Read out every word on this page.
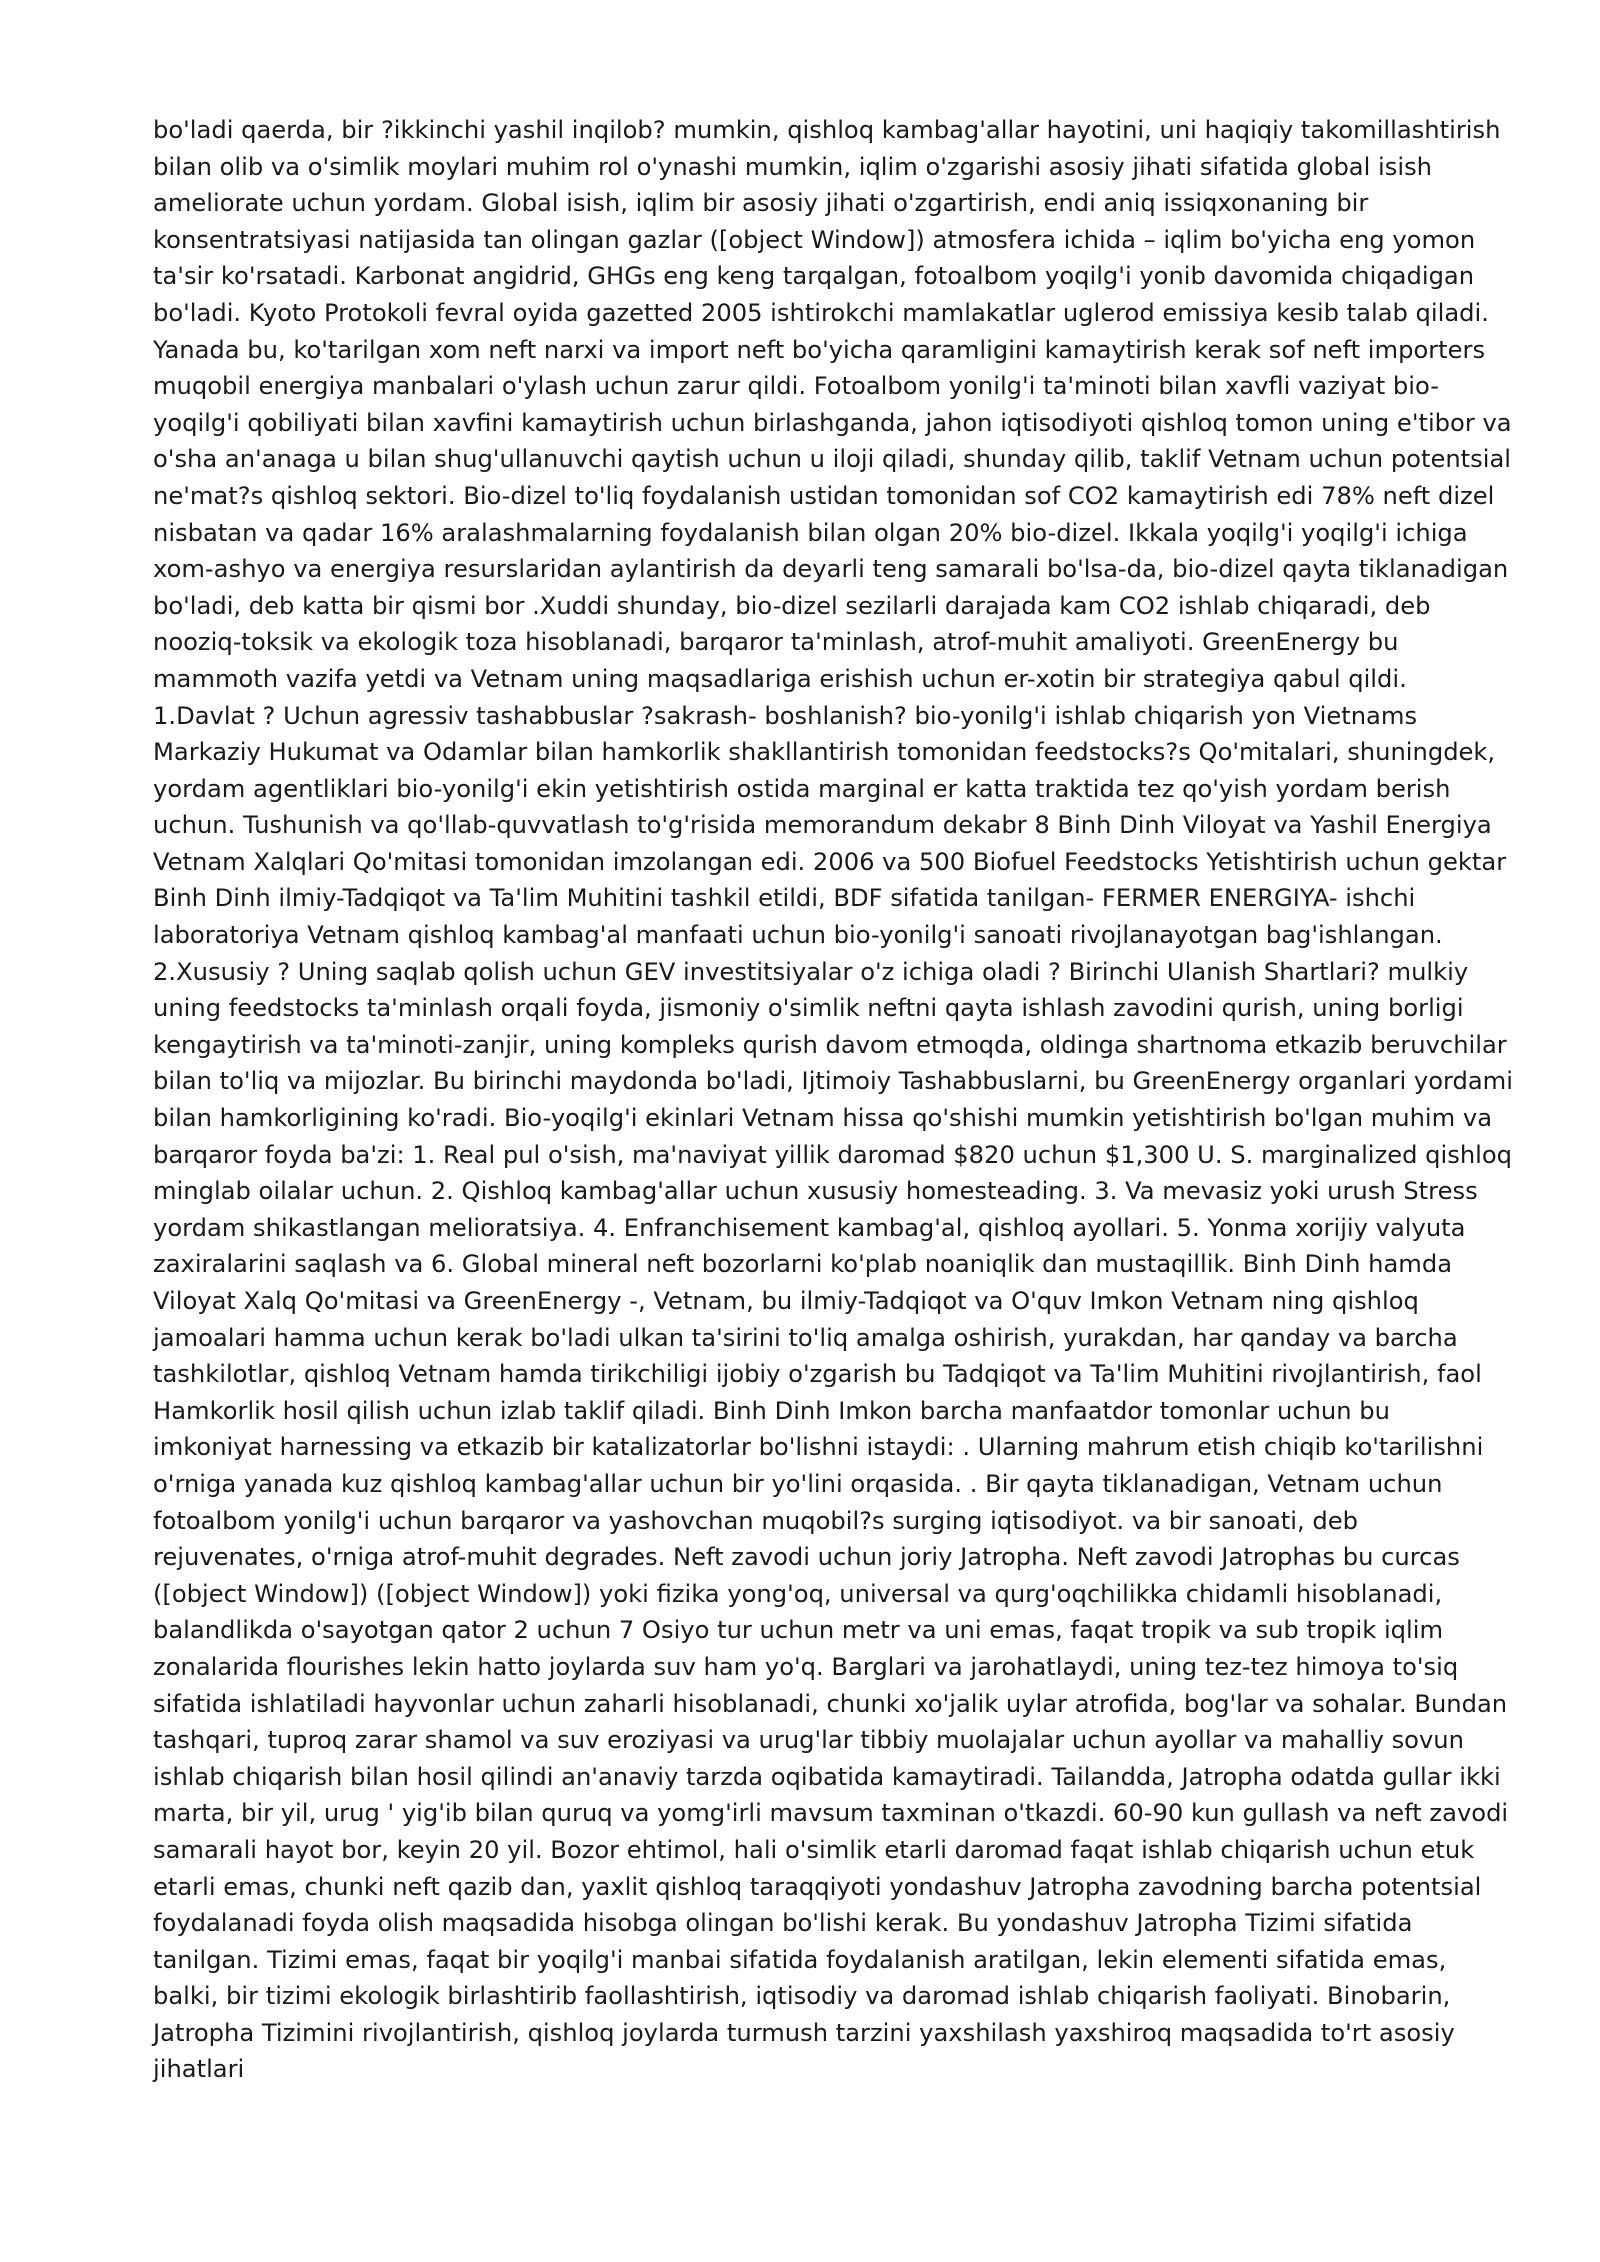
bo'ladi qaerda, bir ?ikkinchi yashil inqilob? mumkin, qishloq kambag'allar hayotini, uni haqiqiy takomillashtirish bilan olib va o'simlik moylari muhim rol o'ynashi mumkin, iqlim o'zgarishi asosiy jihati sifatida global isish ameliorate uchun yordam. Global isish, iqlim bir asosiy jihati o'zgartirish, endi aniq issiqxonaning bir konsentratsiyasi natijasida tan olingan gazlar ([object Window]) atmosfera ichida – iqlim bo'yicha eng yomon ta'sir ko'rsatadi. Karbonat angidrid, GHGs eng keng tarqalgan, fotoalbom yoqilg'i yonib davomida chiqadigan bo'ladi. Kyoto Protokoli fevral oyida gazetted 2005 ishtirokchi mamlakatlar uglerod emissiya kesib talab qiladi. Yanada bu, ko'tarilgan xom neft narxi va import neft bo'yicha qaramligini kamaytirish kerak sof neft importers muqobil energiya manbalari o'ylash uchun zarur qildi. Fotoalbom yonilg'i ta'minoti bilan xavfli vaziyat bio-yoqilg'i qobiliyati bilan xavfini kamaytirish uchun birlashganda, jahon iqtisodiyoti qishloq tomon uning e'tibor va o'sha an'anaga u bilan shug'ullanuvchi qaytish uchun u iloji qiladi, shunday qilib, taklif Vetnam uchun potentsial ne'mat?s qishloq sektori. Bio-dizel to'liq foydalanish ustidan tomonidan sof CO2 kamaytirish edi 78% neft dizel nisbatan va qadar 16% aralashmalarning foydalanish bilan olgan 20% bio-dizel. Ikkala yoqilg'i yoqilg'i ichiga xom-ashyo va energiya resurslaridan aylantirish da deyarli teng samarali bo'lsa-da, bio-dizel qayta tiklanadigan bo'ladi, deb katta bir qismi bor .Xuddi shunday, bio-dizel sezilarli darajada kam CO2 ishlab chiqaradi, deb nooziq-toksik va ekologik toza hisoblanadi, barqaror ta'minlash, atrof-muhit amaliyoti. GreenEnergy bu mammoth vazifa yetdi va Vetnam uning maqsadlariga erishish uchun er-xotin bir strategiya qabul qildi. 1.Davlat ? Uchun agressiv tashabbuslar ?sakrash- boshlanish? bio-yonilg'i ishlab chiqarish yon Vietnams Markaziy Hukumat va Odamlar bilan hamkorlik shakllantirish tomonidan feedstocks?s Qo'mitalari, shuningdek, yordam agentliklari bio-yonilg'i ekin yetishtirish ostida marginal er katta traktida tez qo'yish yordam berish uchun. Tushunish va qo'llab-quvvatlash to'g'risida memorandum dekabr 8 Binh Dinh Viloyat va Yashil Energiya Vetnam Xalqlari Qo'mitasi tomonidan imzolangan edi. 2006 va 500 Biofuel Feedstocks Yetishtirish uchun gektar Binh Dinh ilmiy-Tadqiqot va Ta'lim Muhitini tashkil etildi, BDF sifatida tanilgan- FERMER ENERGIYA- ishchi laboratoriya Vetnam qishloq kambag'al manfaati uchun bio-yonilg'i sanoati rivojlanayotgan bag'ishlangan. 2.Xususiy ? Uning saqlab qolish uchun GEV investitsiyalar o'z ichiga oladi ? Birinchi Ulanish Shartlari? mulkiy uning feedstocks ta'minlash orqali foyda, jismoniy o'simlik neftni qayta ishlash zavodini qurish, uning borligi kengaytirish va ta'minoti-zanjir, uning kompleks qurish davom etmoqda, oldinga shartnoma etkazib beruvchilar bilan to'liq va mijozlar. Bu birinchi maydonda bo'ladi, Ijtimoiy Tashabbuslarni, bu GreenEnergy organlari yordami bilan hamkorligining ko'radi. Bio-yoqilg'i ekinlari Vetnam hissa qo'shishi mumkin yetishtirish bo'lgan muhim va barqaror foyda ba'zi: 1. Real pul o'sish, ma'naviyat yillik daromad $820 uchun $1,300 U. S. marginalized qishloq minglab oilalar uchun. 2. Qishloq kambag'allar uchun xususiy homesteading. 3. Va mevasiz yoki urush Stress yordam shikastlangan melioratsiya. 4. Enfranchisement kambag'al, qishloq ayollari. 5. Yonma xorijiy valyuta zaxiralarini saqlash va 6. Global mineral neft bozorlarni ko'plab noaniqlik dan mustaqillik. Binh Dinh hamda Viloyat Xalq Qo'mitasi va GreenEnergy -, Vetnam, bu ilmiy-Tadqiqot va O'quv Imkon Vetnam ning qishloq jamoalari hamma uchun kerak bo'ladi ulkan ta'sirini to'liq amalga oshirish, yurakdan, har qanday va barcha tashkilotlar, qishloq Vetnam hamda tirikchiligi ijobiy o'zgarish bu Tadqiqot va Ta'lim Muhitini rivojlantirish, faol Hamkorlik hosil qilish uchun izlab taklif qiladi. Binh Dinh Imkon barcha manfaatdor tomonlar uchun bu imkoniyat harnessing va etkazib bir katalizatorlar bo'lishni istaydi: . Ularning mahrum etish chiqib ko'tarilishni o'rniga yanada kuz qishloq kambag'allar uchun bir yo'lini orqasida. . Bir qayta tiklanadigan, Vetnam uchun fotoalbom yonilg'i uchun barqaror va yashovchan muqobil?s surging iqtisodiyot. va bir sanoati, deb rejuvenates, o'rniga atrof-muhit degrades. Neft zavodi uchun joriy Jatropha. Neft zavodi Jatrophas bu curcas ([object Window]) ([object Window]) yoki fizika yong'oq, universal va qurg'oqchilikka chidamli hisoblanadi, balandlikda o'sayotgan qator 2 uchun 7 Osiyo tur uchun metr va uni emas, faqat tropik va sub tropik iqlim zonalarida flourishes lekin hatto joylarda suv ham yo'q. Barglari va jarohatlaydi, uning tez-tez himoya to'siq sifatida ishlatiladi hayvonlar uchun zaharli hisoblanadi, chunki xo'jalik uylar atrofida, bog'lar va sohalar. Bundan tashqari, tuproq zarar shamol va suv eroziyasi va urug'lar tibbiy muolajalar uchun ayollar va mahalliy sovun ishlab chiqarish bilan hosil qilindi an'anaviy tarzda oqibatida kamaytiradi. Tailandda, Jatropha odatda gullar ikki marta, bir yil, urug ' yig'ib bilan quruq va yomg'irli mavsum taxminan o'tkazdi. 60-90 kun gullash va neft zavodi samarali hayot bor, keyin 20 yil. Bozor ehtimol, hali o'simlik etarli daromad faqat ishlab chiqarish uchun etuk etarli emas, chunki neft qazib dan, yaxlit qishloq taraqqiyoti yondashuv Jatropha zavodning barcha potentsial foydalanadi foyda olish maqsadida hisobga olingan bo'lishi kerak. Bu yondashuv Jatropha Tizimi sifatida tanilgan. Tizimi emas, faqat bir yoqilg'i manbai sifatida foydalanish aratilgan, lekin elementi sifatida emas, balki, bir tizimi ekologik birlashtirib faollashtirish, iqtisodiy va daromad ishlab chiqarish faoliyati. Binobarin, Jatropha Tizimini rivojlantirish, qishloq joylarda turmush tarzini yaxshilash yaxshiroq maqsadida to'rt asosiy jihatlari
